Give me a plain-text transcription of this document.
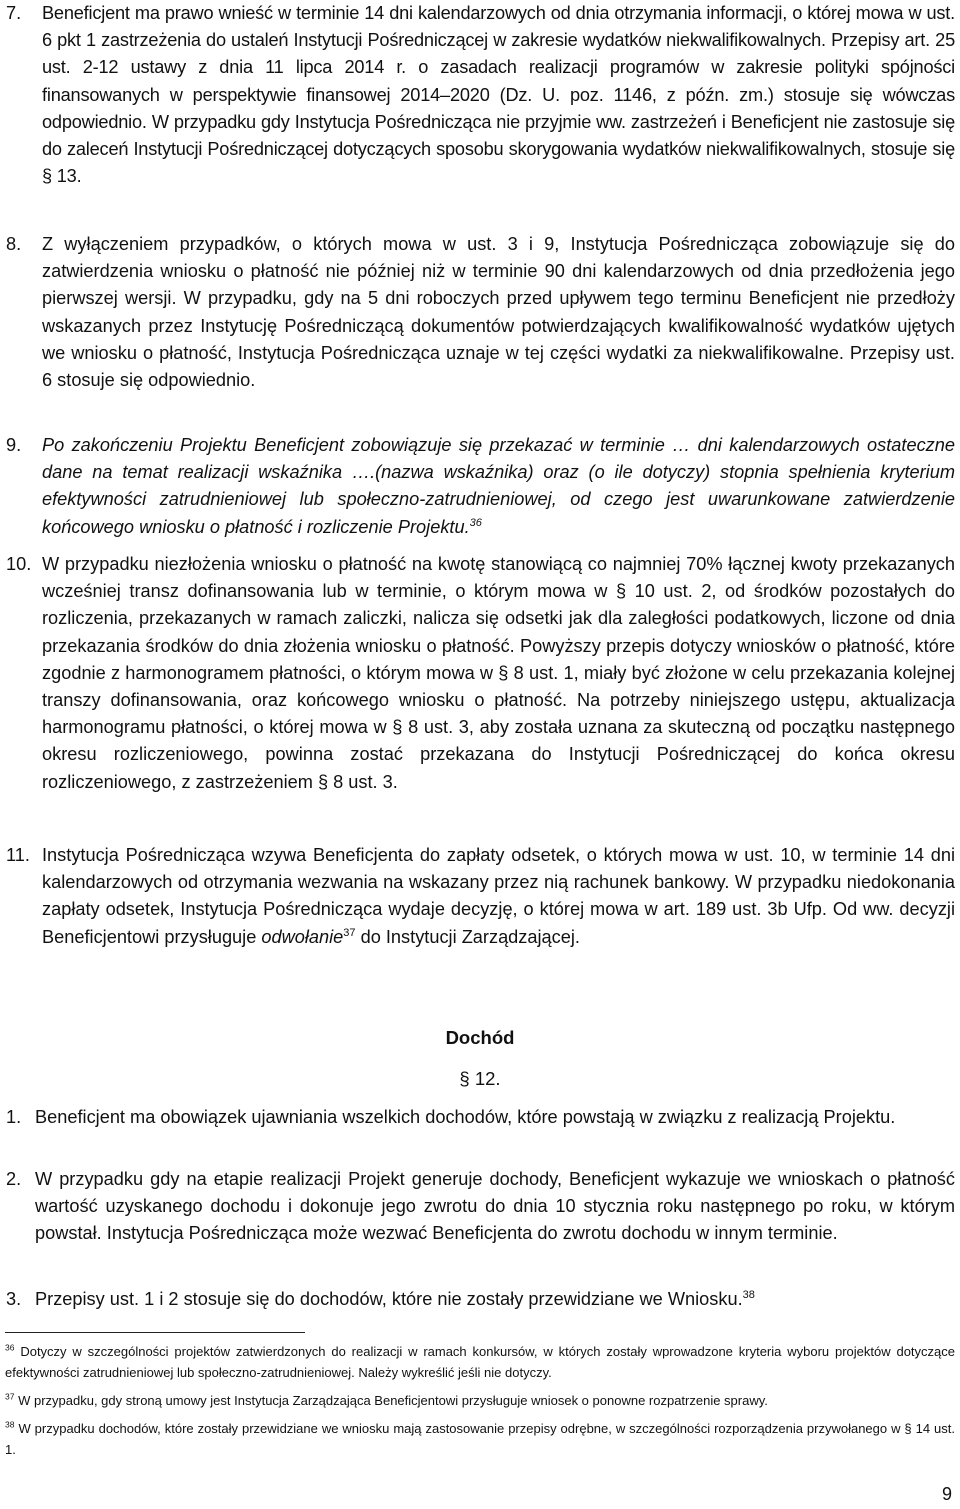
7. Beneficjent ma prawo wnieść w terminie 14 dni kalendarzowych od dnia otrzymania informacji, o której mowa w ust. 6 pkt 1 zastrzeżenia do ustaleń Instytucji Pośredniczącej w zakresie wydatków niekwalifikowalnych. Przepisy art. 25 ust. 2-12 ustawy z dnia 11 lipca 2014 r. o zasadach realizacji programów w zakresie polityki spójności finansowanych w perspektywie finansowej 2014–2020 (Dz. U. poz. 1146, z późn. zm.) stosuje się wówczas odpowiednio. W przypadku gdy Instytucja Pośrednicząca nie przyjmie ww. zastrzeżeń i Beneficjent nie zastosuje się do zaleceń Instytucji Pośredniczącej dotyczących sposobu skorygowania wydatków niekwalifikowalnych, stosuje się § 13.
8. Z wyłączeniem przypadków, o których mowa w ust. 3 i 9, Instytucja Pośrednicząca zobowiązuje się do zatwierdzenia wniosku o płatność nie później niż w terminie 90 dni kalendarzowych od dnia przedłożenia jego pierwszej wersji. W przypadku, gdy na 5 dni roboczych przed upływem tego terminu Beneficjent nie przedłoży wskazanych przez Instytucję Pośredniczącą dokumentów potwierdzających kwalifikowalność wydatków ujętych we wniosku o płatność, Instytucja Pośrednicząca uznaje w tej części wydatki za niekwalifikowalne. Przepisy ust. 6 stosuje się odpowiednio.
9. Po zakończeniu Projektu Beneficjent zobowiązuje się przekazać w terminie … dni kalendarzowych ostateczne dane na temat realizacji wskaźnika ….(nazwa wskaźnika) oraz (o ile dotyczy) stopnia spełnienia kryterium efektywności zatrudnieniowej lub społeczno-zatrudnieniowej, od czego jest uwarunkowane zatwierdzenie końcowego wniosku o płatność i rozliczenie Projektu.$^{36}$
10. W przypadku niezłożenia wniosku o płatność na kwotę stanowiącą co najmniej 70% łącznej kwoty przekazanych wcześniej transz dofinansowania lub w terminie, o którym mowa w § 10 ust. 2, od środków pozostałych do rozliczenia, przekazanych w ramach zaliczki, nalicza się odsetki jak dla zaległości podatkowych, liczone od dnia przekazania środków do dnia złożenia wniosku o płatność. Powyższy przepis dotyczy wniosków o płatność, które zgodnie z harmonogramem płatności, o którym mowa w § 8 ust. 1, miały być złożone w celu przekazania kolejnej transzy dofinansowania, oraz końcowego wniosku o płatność. Na potrzeby niniejszego ustępu, aktualizacja harmonogramu płatności, o której mowa w § 8 ust. 3, aby została uznana za skuteczną od początku następnego okresu rozliczeniowego, powinna zostać przekazana do Instytucji Pośredniczącej do końca okresu rozliczeniowego, z zastrzeżeniem § 8 ust. 3.
11. Instytucja Pośrednicząca wzywa Beneficjenta do zapłaty odsetek, o których mowa w ust. 10, w terminie 14 dni kalendarzowych od otrzymania wezwania na wskazany przez nią rachunek bankowy. W przypadku niedokonania zapłaty odsetek, Instytucja Pośrednicząca wydaje decyzję, o której mowa w art. 189 ust. 3b Ufp. Od ww. decyzji Beneficjentowi przysługuje odwołanie$^{37}$ do Instytucji Zarządzającej.
Dochód
§ 12.
1. Beneficjent ma obowiązek ujawniania wszelkich dochodów, które powstają w związku z realizacją Projektu.
2. W przypadku gdy na etapie realizacji Projekt generuje dochody, Beneficjent wykazuje we wnioskach o płatność wartość uzyskanego dochodu i dokonuje jego zwrotu do dnia 10 stycznia roku następnego po roku, w którym powstał. Instytucja Pośrednicząca może wezwać Beneficjenta do zwrotu dochodu w innym terminie.
3. Przepisy ust. 1 i 2 stosuje się do dochodów, które nie zostały przewidziane we Wniosku.$^{38}$
$^{36}$ Dotyczy w szczególności projektów zatwierdzonych do realizacji w ramach konkursów, w których zostały wprowadzone kryteria wyboru projektów dotyczące efektywności zatrudnieniowej lub społeczno-zatrudnieniowej. Należy wykreślić jeśli nie dotyczy.
$^{37}$ W przypadku, gdy stroną umowy jest Instytucja Zarządzająca Beneficjentowi przysługuje wniosek o ponowne rozpatrzenie sprawy.
$^{38}$ W przypadku dochodów, które zostały przewidziane we wniosku mają zastosowanie przepisy odrębne, w szczególności rozporządzenia przywołanego w § 14 ust. 1.
9
